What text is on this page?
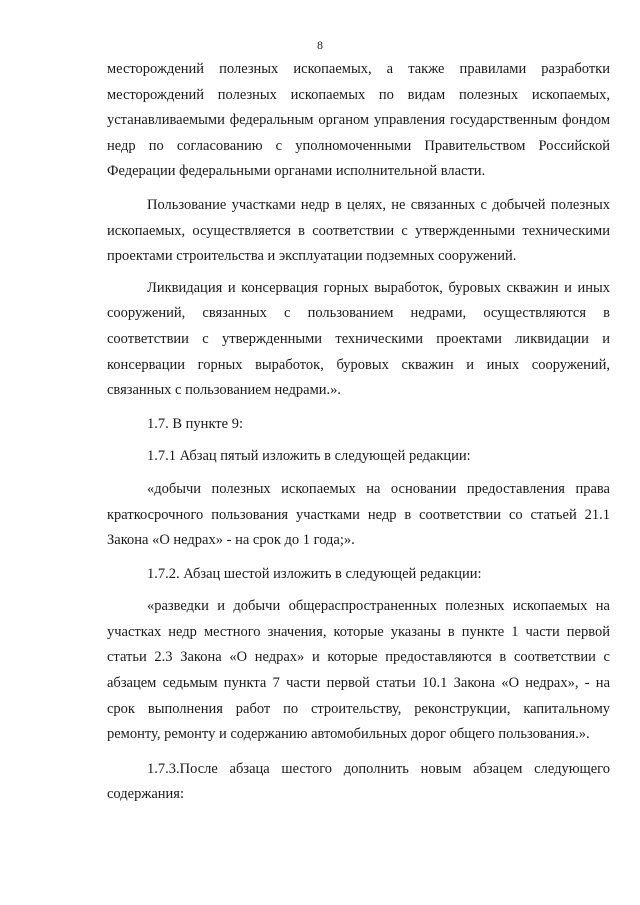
8

месторождений полезных ископаемых, а также правилами разработки месторождений полезных ископаемых по видам полезных ископаемых, устанавливаемыми федеральным органом управления государственным фондом недр по согласованию с уполномоченными Правительством Российской Федерации федеральными органами исполнительной власти.

Пользование участками недр в целях, не связанных с добычей полезных ископаемых, осуществляется в соответствии с утвержденными техническими проектами строительства и эксплуатации подземных сооружений.

Ликвидация и консервация горных выработок, буровых скважин и иных сооружений, связанных с пользованием недрами, осуществляются в соответствии с утвержденными техническими проектами ликвидации и консервации горных выработок, буровых скважин и иных сооружений, связанных с пользованием недрами.».

1.7. В пункте 9:

1.7.1 Абзац пятый изложить в следующей редакции:

«добычи полезных ископаемых на основании предоставления права краткосрочного пользования участками недр в соответствии со статьей 21.1 Закона «О недрах» - на срок до 1 года;».

1.7.2. Абзац шестой изложить в следующей редакции:

«разведки и добычи общераспространенных полезных ископаемых на участках недр местного значения, которые указаны в пункте 1 части первой статьи 2.3 Закона «О недрах» и которые предоставляются в соответствии с абзацем седьмым пункта 7 части первой статьи 10.1 Закона «О недрах», - на срок выполнения работ по строительству, реконструкции, капитальному ремонту, ремонту и содержанию автомобильных дорог общего пользования.».

1.7.3.После абзаца шестого дополнить новым абзацем следующего содержания:
